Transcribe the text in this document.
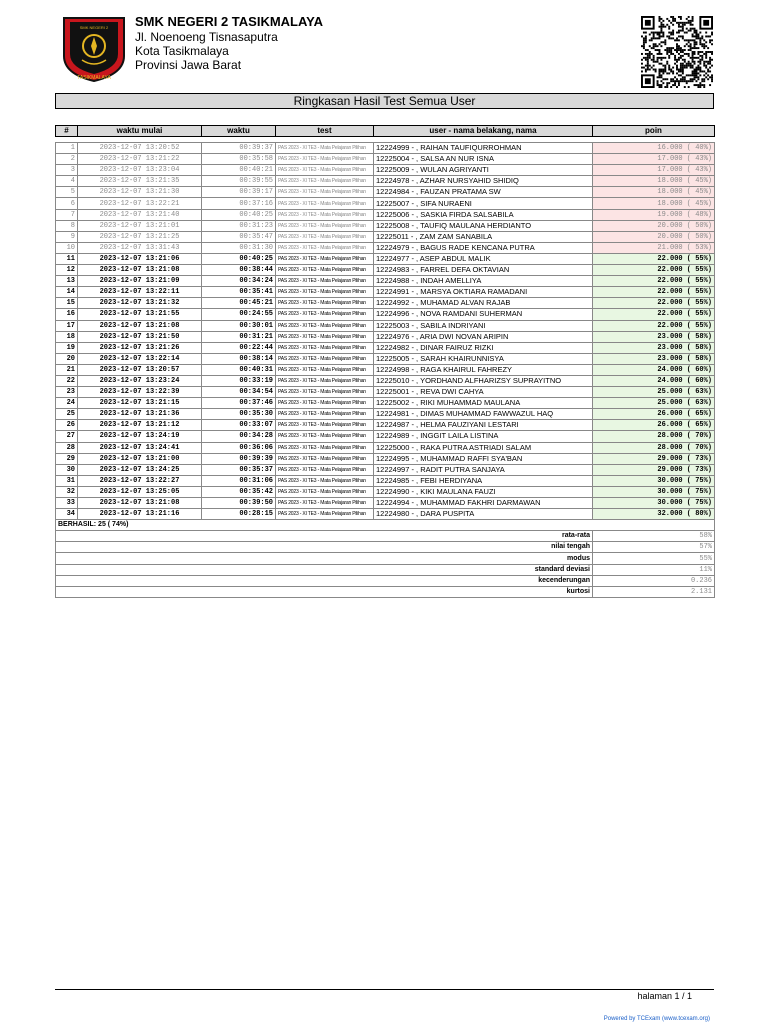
SMK NEGERI 2
TASIKMALAYA
SMK NEGERI 2 TASIKMALAYA
Jl. Noenoeng Tisnasaputra
Kota Tasikmalaya
Provinsi Jawa Barat
Ringkasan Hasil Test Semua User
#	waktu mulai	waktu	test	user - nama belakang, nama	poin

1	2023-12-07 13:20:52	00:39:37	PAS 2023 - XI TE3 - Mata Pelajaran Pilihan	12224999 - , RAIHAN TAUFIQURROHMAN	16.000 ( 40%)
2	2023-12-07 13:21:22	00:35:58	PAS 2023 - XI TE3 - Mata Pelajaran Pilihan	12225004 - , SALSA AN NUR ISNA	17.000 ( 43%)
3	2023-12-07 13:23:04	00:40:21	PAS 2023 - XI TE3 - Mata Pelajaran Pilihan	12225009 - , WULAN AGRIYANTI	17.000 ( 43%)
4	2023-12-07 13:21:35	00:39:55	PAS 2023 - XI TE3 - Mata Pelajaran Pilihan	12224978 - , AZHAR NURSYAHID SHIDIQ	18.000 ( 45%)
5	2023-12-07 13:21:30	00:39:17	PAS 2023 - XI TE3 - Mata Pelajaran Pilihan	12224984 - , FAUZAN PRATAMA SW	18.000 ( 45%)
6	2023-12-07 13:22:21	00:37:16	PAS 2023 - XI TE3 - Mata Pelajaran Pilihan	12225007 - , SIFA NURAENI	18.000 ( 45%)
7	2023-12-07 13:21:40	00:40:25	PAS 2023 - XI TE3 - Mata Pelajaran Pilihan	12225006 - , SASKIA FIRDA SALSABILA	19.000 ( 48%)
8	2023-12-07 13:21:01	00:31:23	PAS 2023 - XI TE3 - Mata Pelajaran Pilihan	12225008 - , TAUFIQ MAULANA HERDIANTO	20.000 ( 50%)
9	2023-12-07 13:21:25	00:35:47	PAS 2023 - XI TE3 - Mata Pelajaran Pilihan	12225011 - , ZAM ZAM SANABILA	20.000 ( 50%)
10	2023-12-07 13:31:43	00:31:30	PAS 2023 - XI TE3 - Mata Pelajaran Pilihan	12224979 - , BAGUS RADE KENCANA PUTRA	21.000 ( 53%)
11	2023-12-07 13:21:06	00:40:25	PAS 2023 - XI TE3 - Mata Pelajaran Pilihan	12224977 - , ASEP ABDUL MALIK	22.000 ( 55%)
12	2023-12-07 13:21:08	00:38:44	PAS 2023 - XI TE3 - Mata Pelajaran Pilihan	12224983 - , FARREL DEFA OKTAVIAN	22.000 ( 55%)
13	2023-12-07 13:21:09	00:34:24	PAS 2023 - XI TE3 - Mata Pelajaran Pilihan	12224988 - , INDAH AMELLIYA	22.000 ( 55%)
14	2023-12-07 13:22:11	00:35:41	PAS 2023 - XI TE3 - Mata Pelajaran Pilihan	12224991 - , MARSYA OKTIARA RAMADANI	22.000 ( 55%)
15	2023-12-07 13:21:32	00:45:21	PAS 2023 - XI TE3 - Mata Pelajaran Pilihan	12224992 - , MUHAMAD ALVAN RAJAB	22.000 ( 55%)
16	2023-12-07 13:21:55	00:24:55	PAS 2023 - XI TE3 - Mata Pelajaran Pilihan	12224996 - , NOVA RAMDANI SUHERMAN	22.000 ( 55%)
17	2023-12-07 13:21:08	00:30:01	PAS 2023 - XI TE3 - Mata Pelajaran Pilihan	12225003 - , SABILA INDRIYANI	22.000 ( 55%)
18	2023-12-07 13:21:50	00:31:21	PAS 2023 - XI TE3 - Mata Pelajaran Pilihan	12224976 - , ARIA DWI NOVAN ARIPIN	23.000 ( 58%)
19	2023-12-07 13:21:26	00:22:44	PAS 2023 - XI TE3 - Mata Pelajaran Pilihan	12224982 - , DINAR FAIRUZ RIZKI	23.000 ( 58%)
20	2023-12-07 13:22:14	00:38:14	PAS 2023 - XI TE3 - Mata Pelajaran Pilihan	12225005 - , SARAH KHAIRUNNISYA	23.000 ( 58%)
21	2023-12-07 13:20:57	00:40:31	PAS 2023 - XI TE3 - Mata Pelajaran Pilihan	12224998 - , RAGA KHAIRUL FAHREZY	24.000 ( 60%)
22	2023-12-07 13:23:24	00:33:19	PAS 2023 - XI TE3 - Mata Pelajaran Pilihan	12225010 - , YORDHAND ALFHARIZSY SUPRAYITNO	24.000 ( 60%)
23	2023-12-07 13:22:39	00:34:54	PAS 2023 - XI TE3 - Mata Pelajaran Pilihan	12225001 - , REVA DWI CAHYA	25.000 ( 63%)
24	2023-12-07 13:21:15	00:37:46	PAS 2023 - XI TE3 - Mata Pelajaran Pilihan	12225002 - , RIKI MUHAMMAD MAULANA	25.000 ( 63%)
25	2023-12-07 13:21:36	00:35:30	PAS 2023 - XI TE3 - Mata Pelajaran Pilihan	12224981 - , DIMAS MUHAMMAD FAWWAZUL HAQ	26.000 ( 65%)
26	2023-12-07 13:21:12	00:33:07	PAS 2023 - XI TE3 - Mata Pelajaran Pilihan	12224987 - , HELMA FAUZIYANI LESTARI	26.000 ( 65%)
27	2023-12-07 13:24:19	00:34:28	PAS 2023 - XI TE3 - Mata Pelajaran Pilihan	12224989 - , INGGIT LAILA LISTINA	28.000 ( 70%)
28	2023-12-07 13:24:41	00:36:06	PAS 2023 - XI TE3 - Mata Pelajaran Pilihan	12225000 - , RAKA PUTRA ASTRIADI SALAM	28.000 ( 70%)
29	2023-12-07 13:21:00	00:39:39	PAS 2023 - XI TE3 - Mata Pelajaran Pilihan	12224995 - , MUHAMMAD RAFFI SYA'BAN	29.000 ( 73%)
30	2023-12-07 13:24:25	00:35:37	PAS 2023 - XI TE3 - Mata Pelajaran Pilihan	12224997 - , RADIT PUTRA SANJAYA	29.000 ( 73%)
31	2023-12-07 13:22:27	00:31:06	PAS 2023 - XI TE3 - Mata Pelajaran Pilihan	12224985 - , FEBI HERDIYANA	30.000 ( 75%)
32	2023-12-07 13:25:05	00:35:42	PAS 2023 - XI TE3 - Mata Pelajaran Pilihan	12224990 - , KIKI MAULANA FAUZI	30.000 ( 75%)
33	2023-12-07 13:21:08	00:39:50	PAS 2023 - XI TE3 - Mata Pelajaran Pilihan	12224994 - , MUHAMMAD FAKHRI DARMAWAN	30.000 ( 75%)
34	2023-12-07 13:21:16	00:28:15	PAS 2023 - XI TE3 - Mata Pelajaran Pilihan	12224980 - , DARA PUSPITA	32.000 ( 80%)
BERHASIL: 25 ( 74%)					
rata-rata					58%
nilai tengah					57%
modus					55%
standard deviasi					11%
kecenderungan					0.236
kurtosi					2.131
halaman 1 / 1
Powered by TCExam (www.tcexam.org)
